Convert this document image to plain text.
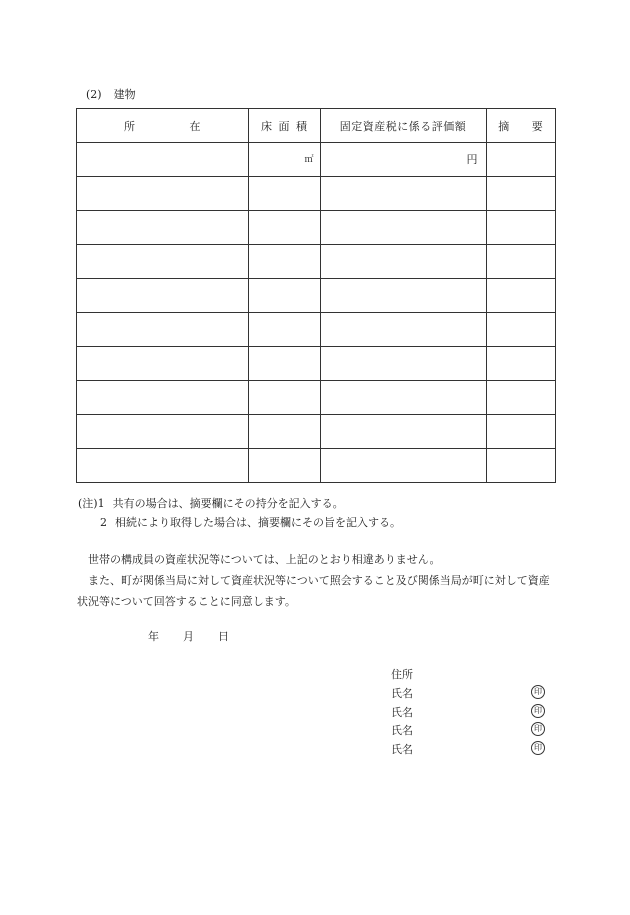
(2) 建物
所 在	床 面 積	固定資産税に係る評価額	摘 要

	㎡	円	

(注)1 共有の場合は、摘要欄にその持分を記入する。
2 相続により取得した場合は、摘要欄にその旨を記入する。
世帯の構成員の資産状況等については、上記のとおり相違ありません。
また、町が関係当局に対して資産状況等について照会すること及び関係当局が町に対して資産状況等について回答することに同意します。
年 月 日
住所
氏名	印
氏名	印
氏名	印
氏名	印
